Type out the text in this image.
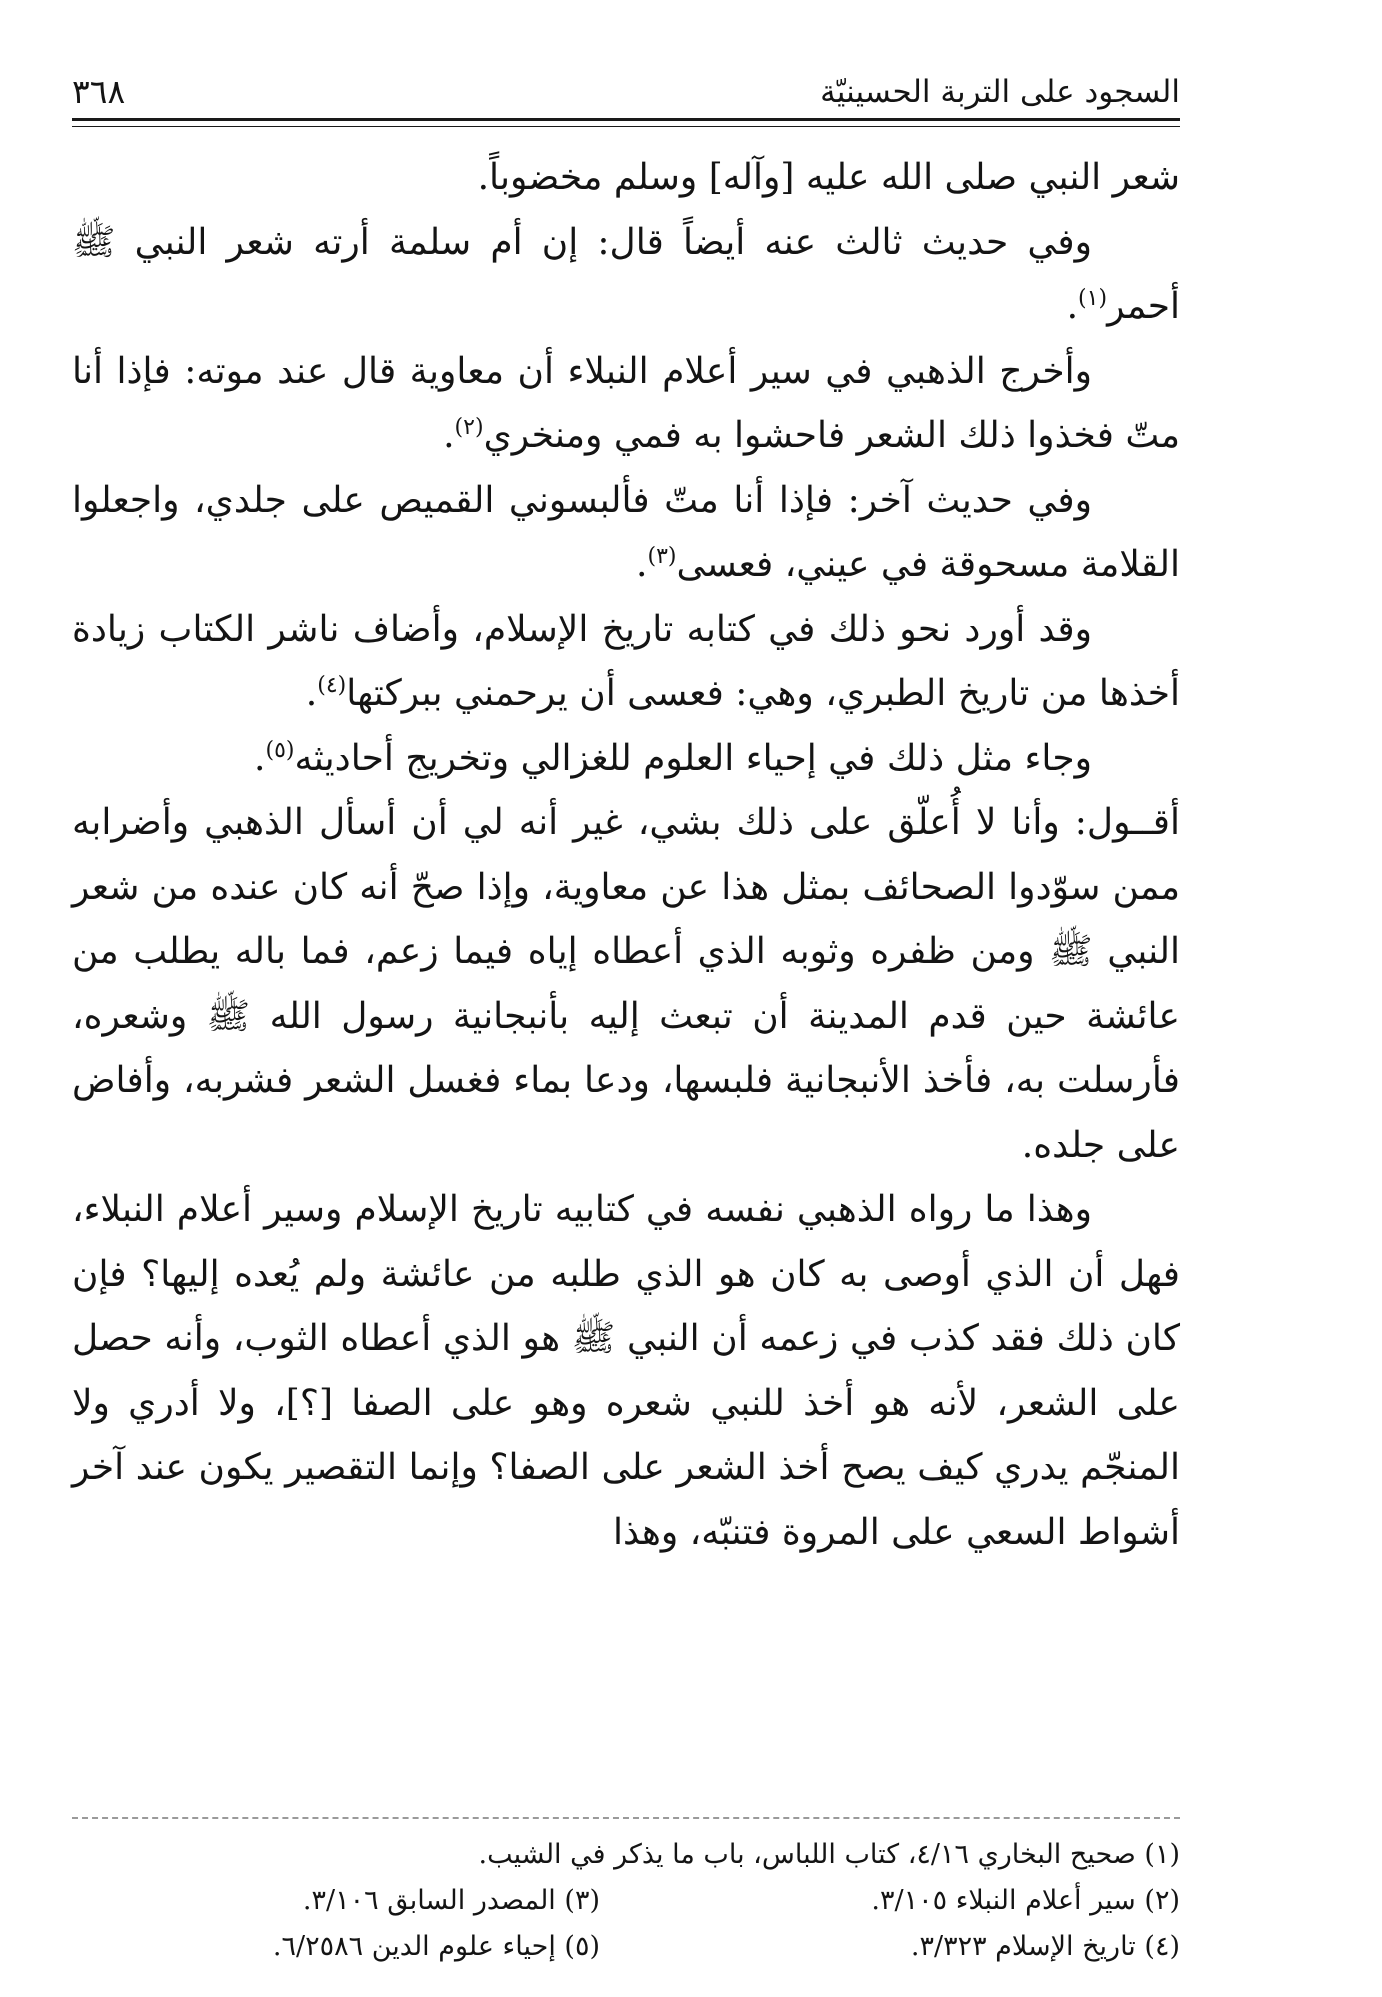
السجود على التربة الحسينيّة
٣٦٨

شعر النبي صلى الله عليه [وآله] وسلم مخضوباً.

وفي حديث ثالث عنه أيضاً قال: إن أم سلمة أرته شعر النبي ﷺ أحمر$^{(١)}$.

وأخرج الذهبي في سير أعلام النبلاء أن معاوية قال عند موته: فإذا أنا متّ فخذوا ذلك الشعر فاحشوا به فمي ومنخري$^{(٢)}$.

وفي حديث آخر: فإذا أنا متّ فألبسوني القميص على جلدي، واجعلوا القلامة مسحوقة في عيني، فعسى$^{(٣)}$.

وقد أورد نحو ذلك في كتابه تاريخ الإسلام، وأضاف ناشر الكتاب زيادة أخذها من تاريخ الطبري، وهي: فعسى أن يرحمني ببركتها$^{(٤)}$.

وجاء مثل ذلك في إحياء العلوم للغزالي وتخريج أحاديثه$^{(٥)}$.

أقــول: وأنا لا أُعلّق على ذلك بشي، غير أنه لي أن أسأل الذهبي وأضرابه ممن سوّدوا الصحائف بمثل هذا عن معاوية، وإذا صحّ أنه كان عنده من شعر النبي ﷺ ومن ظفره وثوبه الذي أعطاه إياه فيما زعم، فما باله يطلب من عائشة حين قدم المدينة أن تبعث إليه بأنبجانية رسول الله ﷺ وشعره، فأرسلت به، فأخذ الأنبجانية فلبسها، ودعا بماء فغسل الشعر فشربه، وأفاض على جلده.

وهذا ما رواه الذهبي نفسه في كتابيه تاريخ الإسلام وسير أعلام النبلاء، فهل أن الذي أوصى به كان هو الذي طلبه من عائشة ولم يُعده إليها؟ فإن كان ذلك فقد كذب في زعمه أن النبي ﷺ هو الذي أعطاه الثوب، وأنه حصل على الشعر، لأنه هو أخذ للنبي شعره وهو على الصفا [؟]، ولا أدري ولا المنجّم يدري كيف يصح أخذ الشعر على الصفا؟ وإنما التقصير يكون عند آخر أشواط السعي على المروة فتنبّه، وهذا

(١) صحيح البخاري ٤/١٦، كتاب اللباس، باب ما يذكر في الشيب.
(٢) سير أعلام النبلاء ٣/١٠٥.
(٣) المصدر السابق ٣/١٠٦.
(٤) تاريخ الإسلام ٣/٣٢٣.
(٥) إحياء علوم الدين ٦/٢٥٨٦.
